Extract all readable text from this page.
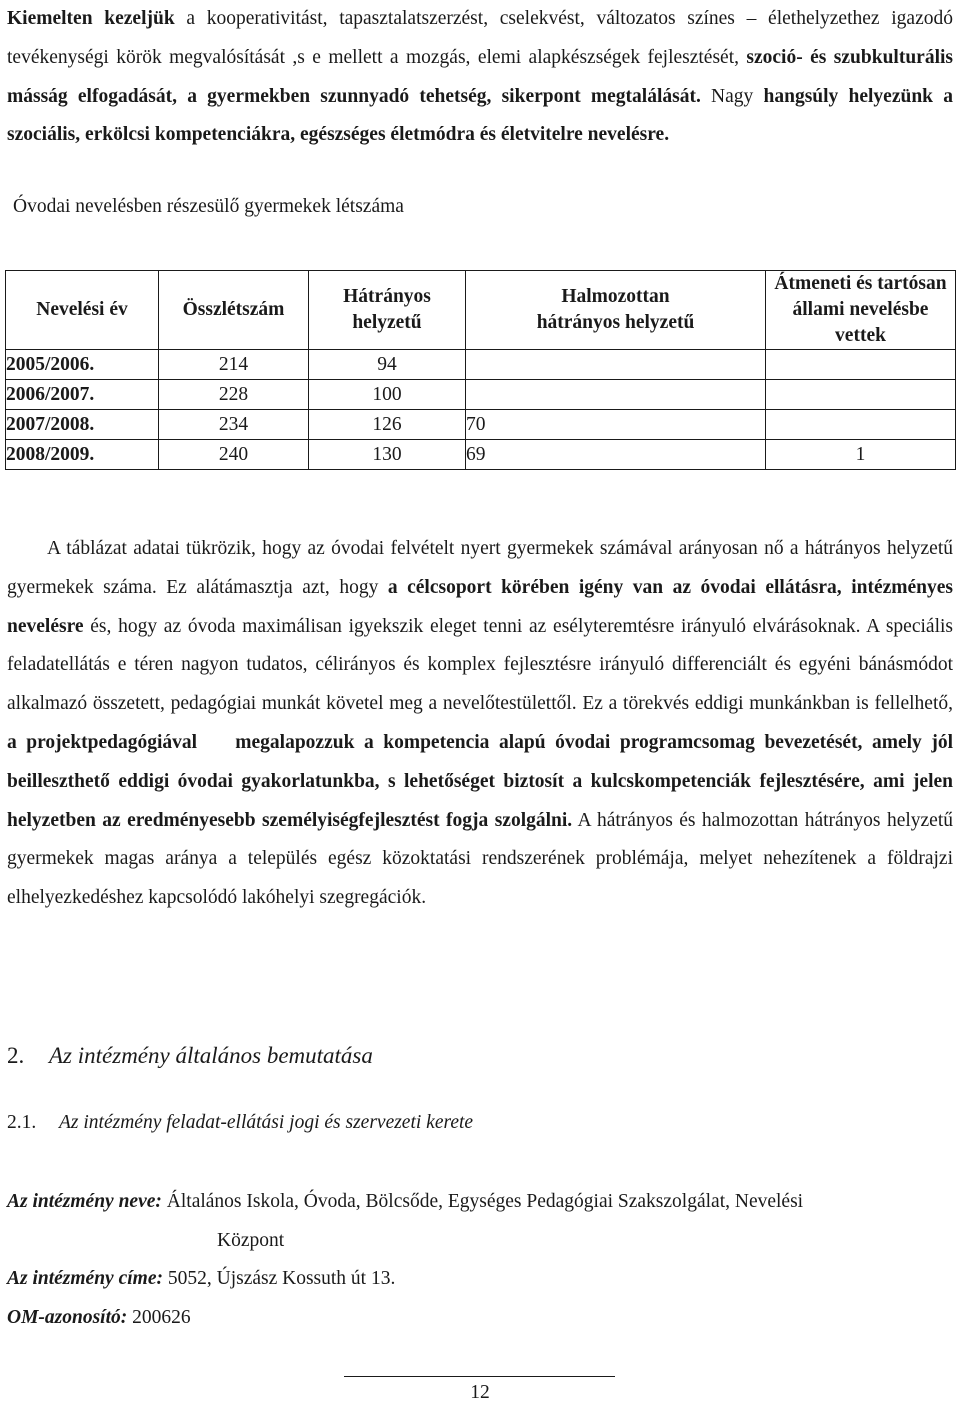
Kiemelten kezeljük a kooperativitást, tapasztalatszerzést, cselekvést, változatos színes – élethelyzethez igazodó tevékenységi körök megvalósítását ,s e mellett a mozgás, elemi alapkészségek fejlesztését, szoció- és szubkulturális másság elfogadását, a gyermekben szunnyadó tehetség, sikerpont megtalálását. Nagy hangsúly helyezünk a szociális, erkölcsi kompetenciákra, egészséges életmódra és életvitelre nevelésre.

Óvodai nevelésben részesülő gyermekek létszáma
Nevelési év	Összlétszám	Hátrányos helyzetű	Halmozottan hátrányos helyzetű	Átmeneti és tartósan állami nevelésbe vettek
2005/2006.	214	94		
2006/2007.	228	100		
2007/2008.	234	126	70	
2008/2009.	240	130	69	1

A táblázat adatai tükrözik, hogy az óvodai felvételt nyert gyermekek számával arányosan nő a hátrányos helyzetű gyermekek száma. Ez alátámasztja azt, hogy a célcsoport körében igény van az óvodai ellátásra, intézményes nevelésre és, hogy az óvoda maximálisan igyekszik eleget tenni az esélyteremtésre irányuló elvárásoknak. A speciális feladatellátás e téren nagyon tudatos, célirányos és komplex fejlesztésre irányuló differenciált és egyéni bánásmódot alkalmazó összetett, pedagógiai munkát követel meg a nevelőtestülettől. Ez a törekvés eddigi munkánkban is fellelhető, a projektpedagógiával    megalapozzuk a kompetencia alapú óvodai programcsomag bevezetését, amely jól beilleszthető eddigi óvodai gyakorlatunkba, s lehetőséget biztosít a kulcskompetenciák fejlesztésére, ami jelen helyzetben az eredményesebb személyiségfejlesztést fogja szolgálni. A hátrányos és halmozottan hátrányos helyzetű gyermekek magas aránya a település egész közoktatási rendszerének problémája, melyet nehezítenek a földrajzi elhelyezkedéshez kapcsolódó lakóhelyi szegregációk.

2. Az intézmény általános bemutatása
2.1. Az intézmény feladat-ellátási jogi és szervezeti kerete
Az intézmény neve: Általános Iskola, Óvoda, Bölcsőde, Egységes Pedagógiai Szakszolgálat, Nevelési
Központ
Az intézmény címe: 5052, Újszász Kossuth út 13.
OM-azonosító: 200626
12
